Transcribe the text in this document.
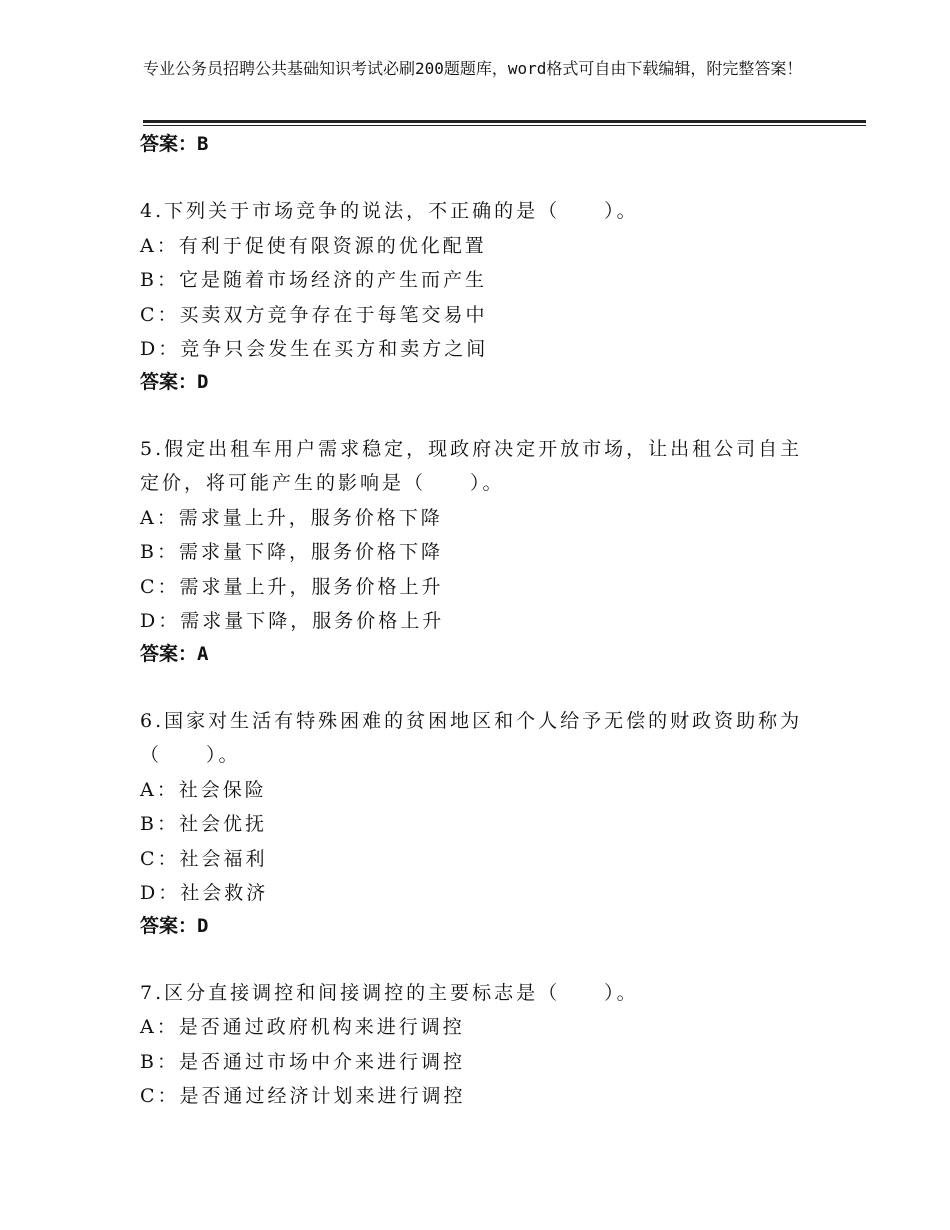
专业公务员招聘公共基础知识考试必刷200题题库，word格式可自由下载编辑，附完整答案！
答案：B
4.下列关于市场竞争的说法，不正确的是（　　）。
A：有利于促使有限资源的优化配置
B：它是随着市场经济的产生而产生
C：买卖双方竞争存在于每笔交易中
D：竞争只会发生在买方和卖方之间
答案：D
5.假定出租车用户需求稳定，现政府决定开放市场，让出租公司自主
定价，将可能产生的影响是（　　）。
A：需求量上升，服务价格下降
B：需求量下降，服务价格下降
C：需求量上升，服务价格上升
D：需求量下降，服务价格上升
答案：A
6.国家对生活有特殊困难的贫困地区和个人给予无偿的财政资助称为
（　　）。
A：社会保险
B：社会优抚
C：社会福利
D：社会救济
答案：D
7.区分直接调控和间接调控的主要标志是（　　）。
A：是否通过政府机构来进行调控
B：是否通过市场中介来进行调控
C：是否通过经济计划来进行调控
